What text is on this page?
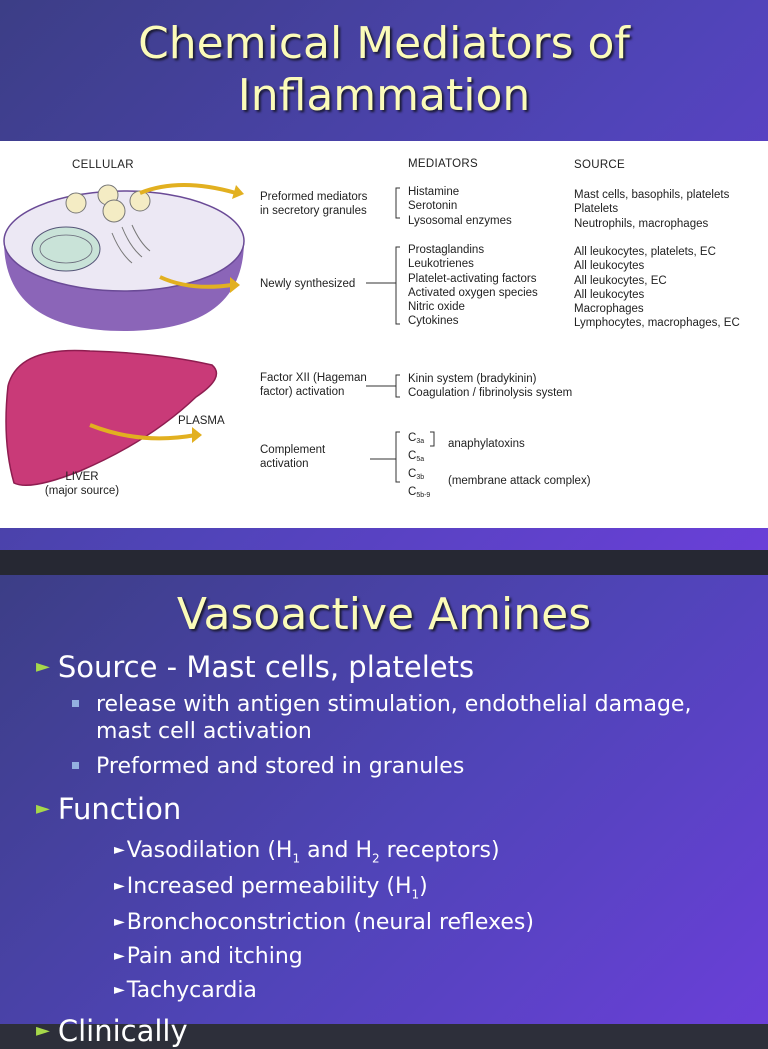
Chemical Mediators of
Inflammation
CELLULAR	MEDIATORS	SOURCE
Preformed mediators
in secretory granules
Newly synthesized
Factor XII (Hageman
factor) activation
PLASMA
Complement
activation
LIVER
(major source)
Histamine
Serotonin
Lysosomal enzymes
Mast cells, basophils, platelets
Platelets
Neutrophils, macrophages
Prostaglandins
Leukotrienes
Platelet-activating factors
Activated oxygen species
Nitric oxide
Cytokines
All leukocytes, platelets, EC
All leukocytes
All leukocytes, EC
All leukocytes
Macrophages
Lymphocytes, macrophages, EC
Kinin system (bradykinin)
Coagulation / fibrinolysis system
$C_{3a}$
$C_{5a}$
$C_{3b}$
$C_{5b-9}$
anaphylatoxins
(membrane attack complex)
Vasoactive Amines
► Source - Mast cells, platelets
release with antigen stimulation, endothelial damage, mast cell activation
Preformed and stored in granules
► Function
►Vasodilation ($H_1$ and $H_2$ receptors)
►Increased permeability $(H_1)$
►Bronchoconstriction (neural reflexes)
►Pain and itching
►Tachycardia
► Clinically
